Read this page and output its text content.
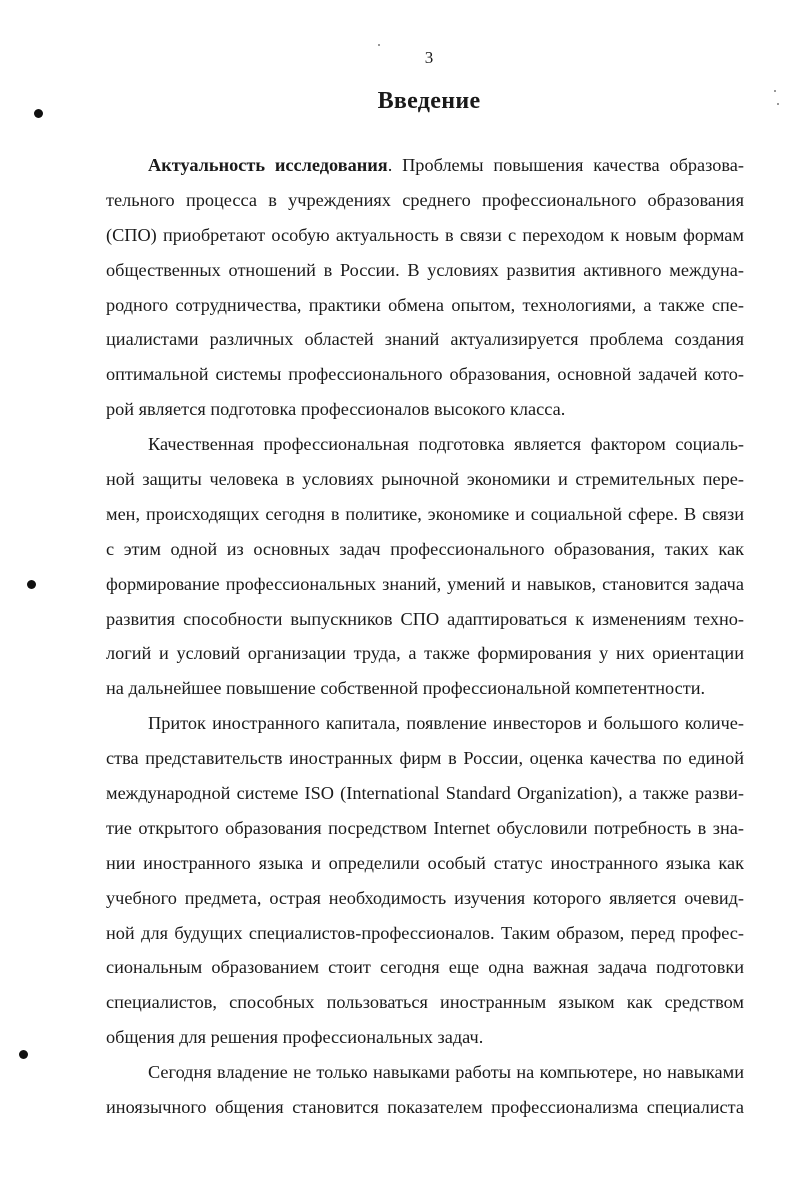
3
Введение
Актуальность исследования. Проблемы повышения качества образова-
тельного процесса в учреждениях среднего профессионального образования
(СПО) приобретают особую актуальность в связи с переходом к новым формам
общественных отношений в России. В условиях развития активного междуна-
родного сотрудничества, практики обмена опытом, технологиями, а также спе-
циалистами различных областей знаний актуализируется проблема создания
оптимальной системы профессионального образования, основной задачей кото-
рой является подготовка профессионалов высокого класса.
Качественная профессиональная подготовка является фактором социаль-
ной защиты человека в условиях рыночной экономики и стремительных пере-
мен, происходящих сегодня в политике, экономике и социальной сфере. В связи
с этим одной из основных задач профессионального образования, таких как
формирование профессиональных знаний, умений и навыков, становится задача
развития способности выпускников СПО адаптироваться к изменениям техно-
логий и условий организации труда, а также формирования у них ориентации
на дальнейшее повышение собственной профессиональной компетентности.
Приток иностранного капитала, появление инвесторов и большого количе-
ства представительств иностранных фирм в России, оценка качества по единой
международной системе ISO (International Standard Organization), а также разви-
тие открытого образования посредством Internet обусловили потребность в зна-
нии иностранного языка и определили особый статус иностранного языка как
учебного предмета, острая необходимость изучения которого является очевид-
ной для будущих специалистов-профессионалов. Таким образом, перед профес-
сиональным образованием стоит сегодня еще одна важная задача подготовки
специалистов, способных пользоваться иностранным языком как средством
общения для решения профессиональных задач.
Сегодня владение не только навыками работы на компьютере, но навыками
иноязычного общения становится показателем профессионализма специалиста
